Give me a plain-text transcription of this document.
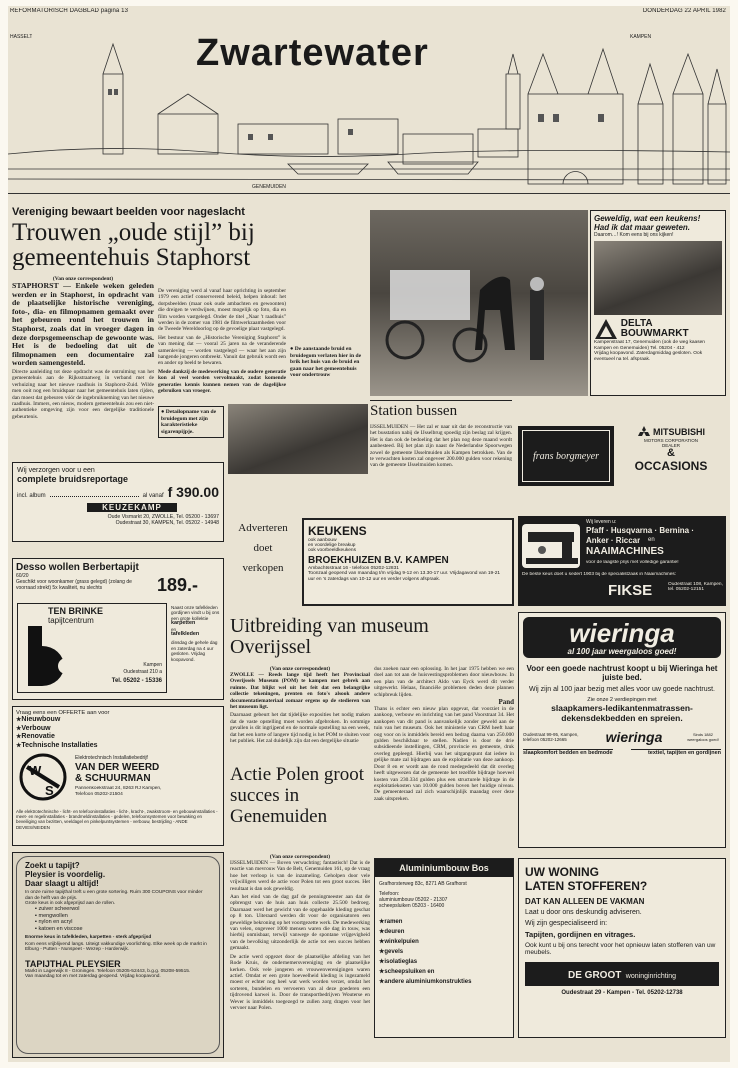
REFORMATORISCH DAGBLAD pagina 13	DONDERDAG 22 APRIL 1982
HASSELT	KAMPEN
Zwartewater
GENEMUIDEN
Vereniging bewaart beelden voor nageslacht
Trouwen „oude stijl” bij gemeentehuis Staphorst
(Van onze correspondent)
STAPHORST — Enkele weken geleden werden er in Staphorst, in opdracht van de plaatselijke historische vereniging, foto-, dia- en filmopnamen gemaakt over het gebeuren rond het trouwen in Staphorst, zoals dat in vroeger dagen in deze dorpsgemeenschap de gewoonte was. Het is de bedoeling dat uit de filmopnamen een documentaire zal worden samengesteld.
Directe aanleiding tot deze opdracht was de ontruiming van het gemeentehuis aan de Rijksstraatweg in verband met de verhuizing naar het nieuwe raadhuis in Staphorst-Zuid. Wilde men ooit nog een bruidspaar naar het gemeentehuis laten rijden, dan moest dat gebeuren vóór de ingebruikneming van het nieuwe raadhuis. Immers, een nieuw, modern gemeentehuis zou een niet-authentieke omgeving zijn voor een dergelijke traditionele gebeurtenis.
De vereniging werd al vanaf haar oprichting in september 1979 een actief conserverend beleid, helpen inhoud: het dorpsbeelden (maar ook oude ambachten en gewoonten) die dreigen te verdwijnen, moest mogelijk op foto, dia en film worden vastgelegd. Onder de titel „Naar 't raadhuis” werden in de zomer van 1981 de filmwerkzaamheden voor de Tweede Wereldoorlog op de gevoelige plaat vastgelegd.
Het bestuur van de „Historische Vereniging Staphorst” is van mening dat — vooral 25 jaren na de veranderende samenleving — worden vastgelegd — waar het aan zijn hangende jongeren ontbreekt. Vanuit dat gebruik wordt een en ander op beeld te bewaren.
Mede dankzij de medewerking van de oudere generatie kon al veel worden vervolmaakt, zodat komende generaties kennis kunnen nemen van de dagelijkse gebruiken van vroeger.
● De aanstaande bruid en bruidegom verlaten hier in de brik het huis van de bruid en gaan naar het gemeentehuis voor ondertrouw
● Detailopname van de bruidegom met zijn karakteristieke sigarenpijpje.
Geweldig, wat een keukens!
Had ik dat maar geweten.
Daarom…! Kom eens bij ons kijken!
DELTA BOUWMARKT
Kampenstraat 17, Genemuiden (ook de weg kaasen Kampen en Genemuiden) Tel. 05204 - 412
Vrijdag koopavond. Zaterdagmiddag gesloten. Ook eventueel na tel. afspraak.
Station bussen
IJSSELMUIDEN — Het zal er naar uit dat de reconstructie van het busstation nabij de IJsselbrug spoedig zijn beslag zal krijgen. Het is dan ook de bedoeling dat het plan nog deze maand wordt aanbesteed. Bij het plan zijn naast de Nederlandse Spoorwegen zowel de gemeente IJsselmuiden als Kampen betrokken. Van de te verwachten kosten zal ongeveer 200.000 gulden voor rekening van de gemeente IJsselmuiden komen.
frans borgmeyer
MITSUBISHI
MOTORS CORPORATION
DEALER
&
OCCASIONS
Wij verzorgen voor u een
complete bruidsreportage
incl. album	al vanaf f 390.00
KEUZEKAMP
Oude Vismarkt 20, ZWOLLE, Tel. 05200 - 13697
Oudestraat 30, KAMPEN, Tel. 05202 - 14948	Adverteren
doet
verkopen
KEUKENS
ook aanbouw
en voordelige breakup
ook voorbeeldkeukens
BROEKHUIZEN B.V. KAMPEN
Ambachtsstraat 16 - telefoon 05202-12831
Toonzaal geopend van maandag t/m vrijdag 9-12 en 13.30-17 uur. Vrijdagavond van 19-21 uur en 's zaterdags van 10-12 uur en verder volgens afspraak.
Wij leveren u:
Pfaff · Husqvarna · Bernina ·
Anker · Riccar en
NAAIMACHINES
voor de laagste prijs met volledige garantie!
De beste keus doet u sedert 1903 bij de specialistzaak in Naaimachines:
FIKSE	Oudestraat 108, Kampen, tel. 05202-12151
Desso wollen Berbertapijt
60/20
Geschikt voor woonkamer (grass gelegd) (zolang de voorraad strekt) 5x kwaliteit, nu slechts	189.-
TEN BRINKE
tapijtcentrum
Kampen
Oudestraat 210 a
Tel. 05202 - 15336
Naast onze tafelkleden gordijnen vindt u bij ons een grote kollektie
karpetten
en
tafelkleden
dinsdag de gehele dag en zaterdag na 4 uur gesloten. Vrijdag koopavond.
Uitbreiding van museum Overijssel
(Van onze correspondent)
ZWOLLE — Reeds lange tijd heeft het Provinciaal Overijssels Museum (POM) te kampen met gebrek aan ruimte. Dat blijkt wel uit het feit dat een belangrijke collectie tekeningen, prenten en foto's alsook andere documentatiemateriaal zomaar ergens op de stedieren van het museum ligt.
Daarnaast gebeurt het dat tijdelijke exposities het nodig maken dat de vaste opstelling moet worden afgebroken. In sommige gevallen is dit ingrijpend en de normale opstelling na een week, dat het een korte of langere tijd nodig is het POM te sluiten voor het publiek. Het zal duidelijk zijn dat een dergelijke situatie
dus zoeken naar een oplossing. In het jaar 1975 hebben we een doel aan tot aan de huisvestingsproblemen door nieuwbouw. In een plan van de architect Aldo van Eyck werd dit verder uitgewerkt. Helaas, financiële problemen deden deze plannen schipbreuk lijden.
Pand
Thans is echter een nieuw plan opgevat, dat voorziet in de aankoop, verbouw en inrichting van het pand Voorstraat 34. Het aankopen van dit pand is aanvankelijk zonder geweld aan de tuin van het museum. Ook het ministerie van CRM heeft haar oog voor on is inmiddels bereid een bedrag daarna van 250.000 gulden beschikbaar te stellen. Nadien is door de drie subsidieende instellingen, CRM, provincie en gemeente, druk overleg gepleegd. Hierbij was het uitgangspunt dat iedere in gelijke mate zal bijdragen aan de exploitatie van deze aankoop. Door 8 en er wordt aan de rond medegedeeld dat dit overleg heeft uitgewezen dat de gemeente het tezelfde bijdrage hoeveel kosten van 230.334 gulden plus een structurele bijdrage in de exploitatiekosten van 10.000 gulden boven het huidige niveau. De gemeenteraad zal zich waarschijnlijk maandag over deze zaak uitspreken.
Vraag eens een OFFERTE aan voor
★ Nieuwbouw
★ Verbouw
★ Renovatie
★ Technische Installaties
W
S
Elektrotechnisch Installatiebedrijf
VAN DER WEERD
& SCHUURMAN
Pannenkoekstraat 24, 8263 RJ Kampen, Telefoon 05202-21504
Alle elektrotechnische - licht- en telefooninstallaties - licht-, kracht-, zwakstroom- en gebouwinstallaties - meet- en regelinstallaties - brandmeldinstallaties - gedelen, telefoonsystemen voor bewaking en beveiliging van bezitten, veeldagel en pinkelpuntsystemen - verbouw, bestrijding - ANDE DEVIES/NEIDEN
Actie Polen groot succes in Genemuiden
(Van onze correspondent)
IJSSELMUIDEN — Boven verwachting; fantastisch! Dat is de reactie van mevrouw Van de Belt, Genemuiden 161, op de vraag hoe het verloop is van de inzameling. Geholpen door vele vrijwilligers werd de actie voor Polen tot een groot succes. Het resultaat is dan ook geweldig.
Aan het eind van de dag gaf de penningmeester aan dat de opbrengst van de huis aan huis collecte 25.500 bedroeg. Daarnaast werd het gewicht van de opgehaalde kleding geschat op 8 ton. Uiteraard werden dit voor de organisatoren een geweldige bekroning op het voortgezette werk. De medewerking van velen, ongeveer 1000 mensen waren die dag in touw, was hierbij onmisbaar, terwijl vanwege de spontane vrijgevigheid van de bevolking uitzonderlijk de actie tot een succes hebben gemaakt.
De actie werd opgezet door de plaatselijke afdeling van het Rode Kruis, de ondernemersvereniging en de plaatselijke kerken. Ook vele jongeren en vrouwenverenigingen waren actief. Omdat er een grote hoeveelheid kleding is ingezameld moest er echter nog heel wat werk worden verzet, omdat het sorteren, bundelen en vervoeren van al deze goederen een tijdrovend karwei is. Door de transportbedrijven Wouterse en Wever is inmiddels toegezegd te zullen zorg dragen voor het vervoer naar Polen.
wieringa
al 100 jaar weergaloos goed!
Voor een goede nachtrust koopt u bij Wieringa het juiste bed.
Wij zijn al 100 jaar bezig met alles voor uw goede nachtrust.
Zie onze 2 verdiepingen met
slaapkamers-ledikantenmatrassen-dekensdekbedden en spreien.
Oudestraat 99-95, Kampen, telefoon 05202-12665	wieringa	Sinds 1882 weergaloos goed!
slaapkomfort bedden en bedmode	textiel, tapijten en gordijnen
Zoekt u tapijt?
Pleysier is voordelig.
Daar slaagt u altijd!
In onze ruime tapijthal treft u een grote sortering. Ruim 300 COUPONS voor minder dan de helft van de prijs.
Grote keus in ook afgeprijsd aan de rollen.
▪ zuiver scheerwol
▪ mengwollen
▪ nylon en acryl
▪ katoen en viscose
Enorme keus in tafelkleden, karpetten - sterk afgeprijsd
Kom eens vrijblijvend langs. Uiteigt vakkundige voorlichting. Elke week op de markt in Elburg - Putten - Nunspeet - Wezep - Harderwijk.
TAPIJTHAL PLEYSIER
Markt in Lagerwijk 8 - Groningen. Telefoon 05205-52443, b.g.g. 05208-59515.
Van maandag tot en met zaterdag geopend. Vrijdag koopavond.
Aluminiumbouw Bos
Grafhorsterweg 83c, 8271 AB Grafhorst
Telefoon:
aluminiumbouw 05202 - 21307
scheepsluiken 05203 - 16400
★ ramen
★ deuren
★ winkelpuien
★ gevels
★ isolatieglas
★ scheepsluiken en
★ andere aluminiumkonstrukties
UW WONING
LATEN STOFFEREN?
DAT KAN ALLEEN DE VAKMAN
Laat u door ons deskundig adviseren.
Wij zijn gespecialiseerd in:
Tapijten, gordijnen en vitrages.
Ook kunt u bij ons terecht voor het opnieuw laten stofferen van uw meubels.
DE GROOT woninginrichting
Oudestraat 29 - Kampen - Tel. 05202-12738
